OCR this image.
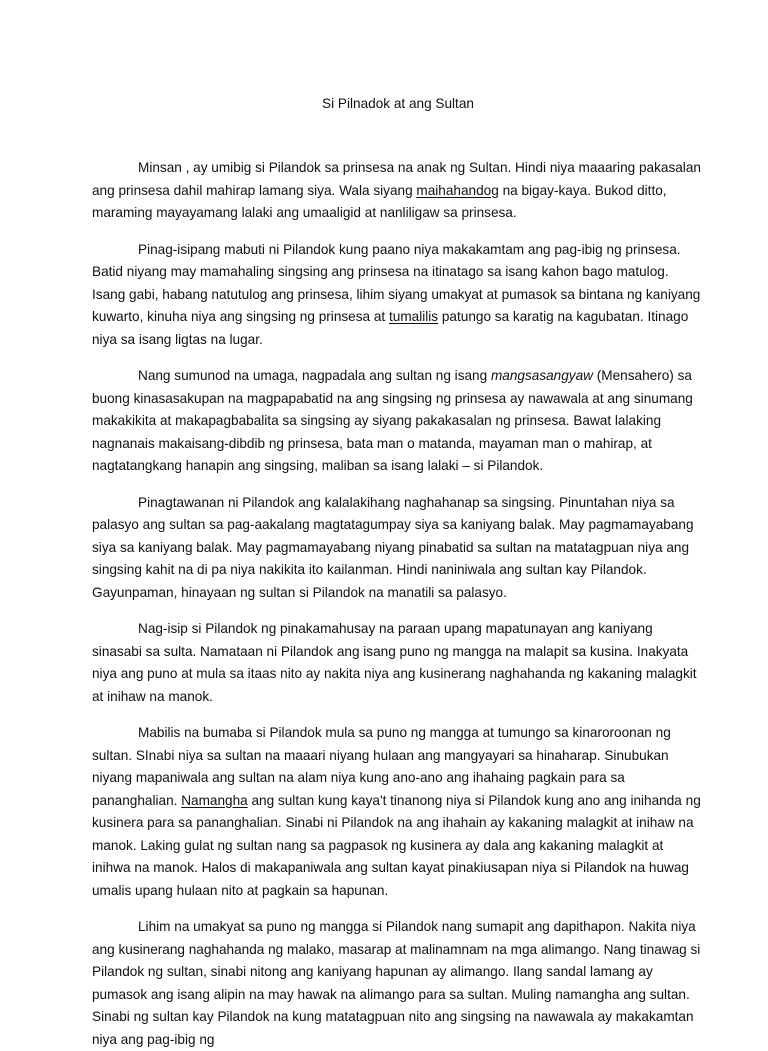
Si Pilnadok at ang Sultan

Minsan , ay umibig si Pilandok sa prinsesa na anak ng Sultan. Hindi niya maaaring pakasalan ang prinsesa dahil mahirap lamang siya. Wala siyang maihahandog na bigay-kaya. Bukod ditto, maraming mayayamang lalaki ang umaaligid at nanliligaw sa prinsesa.

Pinag-isipang mabuti ni Pilandok kung paano niya makakamtam ang pag-ibig ng prinsesa. Batid niyang may mamahaling singsing ang prinsesa na itinatago sa isang kahon bago matulog. Isang gabi, habang natutulog ang prinsesa, lihim siyang umakyat at pumasok sa bintana ng kaniyang kuwarto, kinuha niya ang singsing ng prinsesa at tumalilis patungo sa karatig na kagubatan. Itinago niya sa isang ligtas na lugar.

Nang sumunod na umaga, nagpadala ang sultan ng isang mangsasangyaw (Mensahero) sa buong kinasasakupan na magpapabatid na ang singsing ng prinsesa ay nawawala at ang sinumang makakikita at makapagbabalita sa singsing ay siyang pakakasalan ng prinsesa. Bawat lalaking nagnanais makaisang-dibdib ng prinsesa, bata man o matanda, mayaman man o mahirap, at nagtatangkang hanapin ang singsing, maliban sa isang lalaki – si Pilandok.

Pinagtawanan ni Pilandok ang kalalakihang naghahanap sa singsing. Pinuntahan niya sa palasyo ang sultan sa pag-aakalang magtatagumpay siya sa kaniyang balak. May pagmamayabang siya sa kaniyang balak. May pagmamayabang niyang pinabatid sa sultan na matatagpuan niya ang singsing kahit na di pa niya nakikita ito kailanman. Hindi naniniwala ang sultan kay Pilandok. Gayunpaman, hinayaan ng sultan si Pilandok na manatili sa palasyo.

Nag-isip si Pilandok ng pinakamahusay na paraan upang mapatunayan ang kaniyang sinasabi sa sulta. Namataan ni Pilandok ang isang puno ng mangga na malapit sa kusina. Inakyata niya ang puno at mula sa itaas nito ay nakita niya ang kusinerang naghahanda ng kakaning malagkit at inihaw na manok.

Mabilis na bumaba si Pilandok mula sa puno ng mangga at tumungo sa kinaroroonan ng sultan. SInabi niya sa sultan na maaari niyang hulaan ang mangyayari sa hinaharap. Sinubukan niyang mapaniwala ang sultan na alam niya kung ano-ano ang ihahaing pagkain para sa pananghalian. Namangha ang sultan kung kaya't tinanong niya si Pilandok kung ano ang inihanda ng kusinera para sa pananghalian. Sinabi ni Pilandok na ang ihahain ay kakaning malagkit at inihaw na manok. Laking gulat ng sultan nang sa pagpasok ng kusinera ay dala ang kakaning malagkit at inihwa na manok. Halos di makapaniwala ang sultan kayat pinakiusapan niya si Pilandok na huwag umalis upang hulaan nito at pagkain sa hapunan.

Lihim na umakyat sa puno ng mangga si Pilandok nang sumapit ang dapithapon. Nakita niya ang kusinerang naghahanda ng malako, masarap at malinamnam na mga alimango. Nang tinawag si Pilandok ng sultan, sinabi nitong ang kaniyang hapunan ay alimango. Ilang sandal lamang ay pumasok ang isang alipin na may hawak na alimango para sa sultan. Muling namangha ang sultan. Sinabi ng sultan kay Pilandok na kung matatagpuan nito ang singsing na nawawala ay makakamtan niya ang pag-ibig ng
